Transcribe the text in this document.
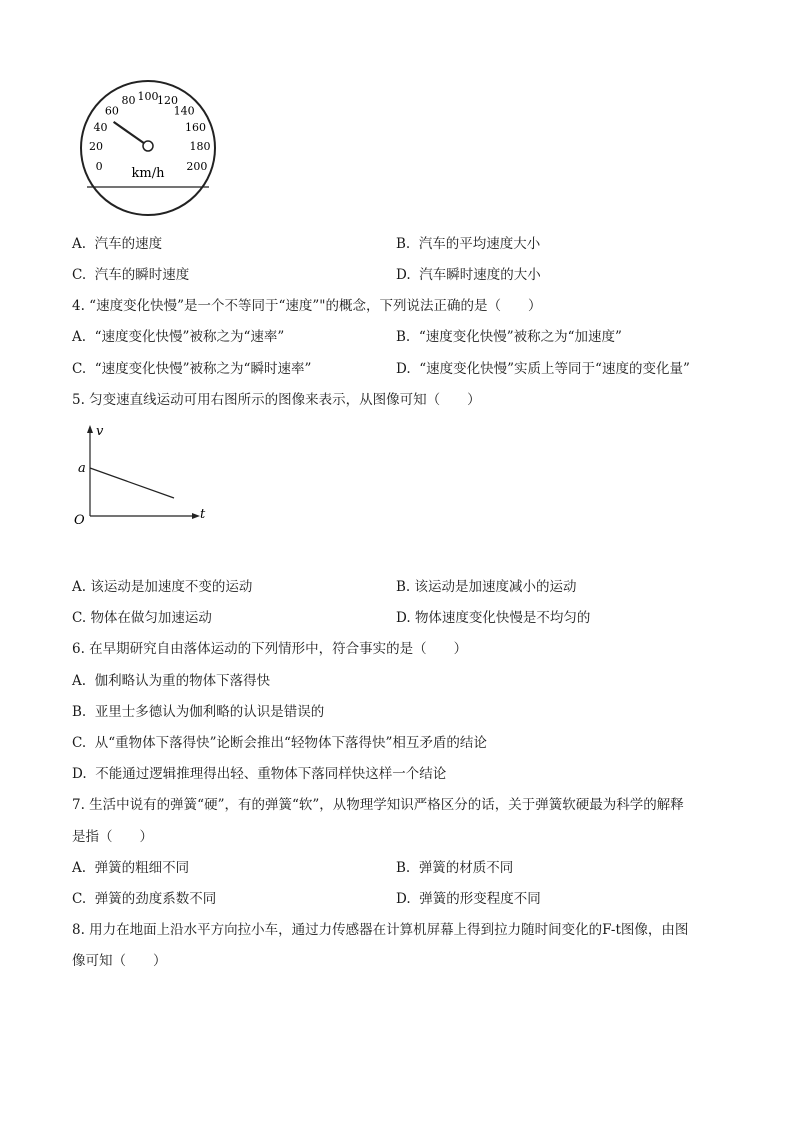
0
20
40
60
80 100
120
140
160
180
200
km/h
A. 汽车的速度	B. 汽车的平均速度大小
C. 汽车的瞬时速度	D. 汽车瞬时速度的大小
4. “速度变化快慢”是一个不等同于“速度”"的概念，下列说法正确的是（　　）
A. “速度变化快慢”被称之为“速率”	B. “速度变化快慢”被称之为“加速度”
C. “速度变化快慢”被称之为“瞬时速率”	D. “速度变化快慢”实质上等同于“速度的变化量”
5. 匀变速直线运动可用右图所示的图像来表示，从图像可知（　　）
v
t
O
a
A. 该运动是加速度不变的运动	B. 该运动是加速度减小的运动
C. 物体在做匀加速运动	D. 物体速度变化快慢是不均匀的
6. 在早期研究自由落体运动的下列情形中，符合事实的是（　　）
A. 伽利略认为重的物体下落得快
B. 亚里士多德认为伽利略的认识是错误的
C. 从“重物体下落得快”论断会推出“轻物体下落得快”相互矛盾的结论
D. 不能通过逻辑推理得出轻、重物体下落同样快这样一个结论
7. 生活中说有的弹簧“硬”，有的弹簧“软”，从物理学知识严格区分的话，关于弹簧软硬最为科学的解释
是指（　　）
A. 弹簧的粗细不同	B. 弹簧的材质不同
C. 弹簧的劲度系数不同	D. 弹簧的形变程度不同
8. 用力在地面上沿水平方向拉小车，通过力传感器在计算机屏幕上得到拉力随时间变化的F-t图像，由图
像可知（　　）
